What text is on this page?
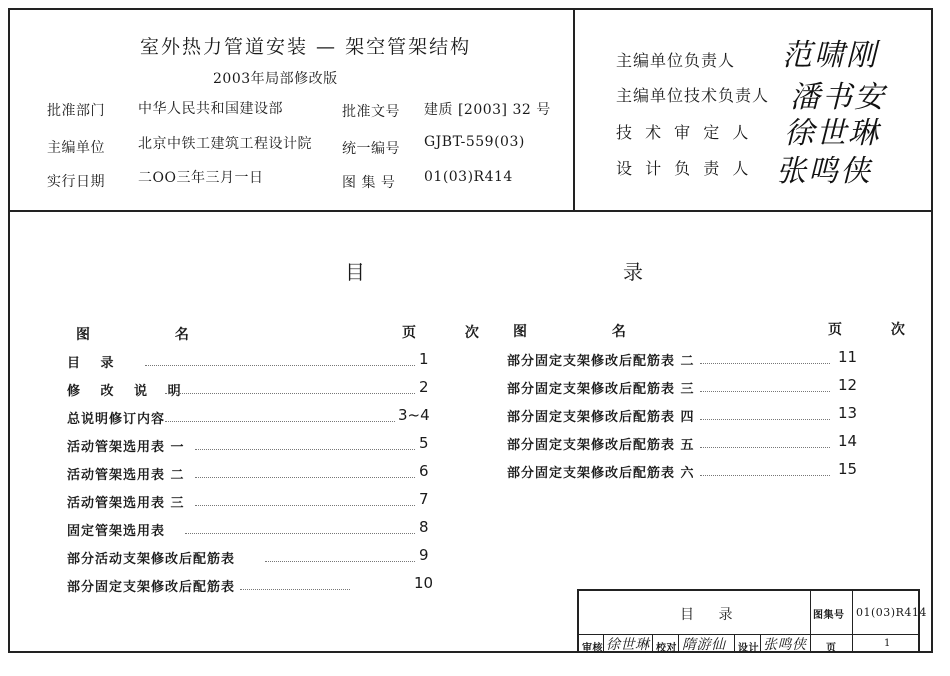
室外热力管道安装 — 架空管架结构
2003年局部修改版
批准部门 中华人民共和国建设部
主编单位 北京中铁工建筑工程设计院
实行日期 二OO三年三月一日
批准文号 建质 [2003] 32 号
统一编号 GJBT-559(03)
图 集 号 01(03)R414
主编单位负责人 范啸刚
主编单位技术负责人 潘书安
技 术 审 定 人 徐世琳
设 计 负 责 人 张鸣侠
目	录
图 名	页 次 图 名	页 次
目 录	1
修 改 说 明	2
总说明修订内容	3~4
活动管架选用表 一	5
活动管架选用表 二	6
活动管架选用表 三	7
固定管架选用表	8
部分活动支架修改后配筋表	9
部分固定支架修改后配筋表	10
部分固定支架修改后配筋表 二	11
部分固定支架修改后配筋表 三	12
部分固定支架修改后配筋表 四	13
部分固定支架修改后配筋表 五	14
部分固定支架修改后配筋表 六	15
目 录	图集号 01(03)R414
审核 徐世琳 校对 隋游仙 设计 张鸣侠 页	1
